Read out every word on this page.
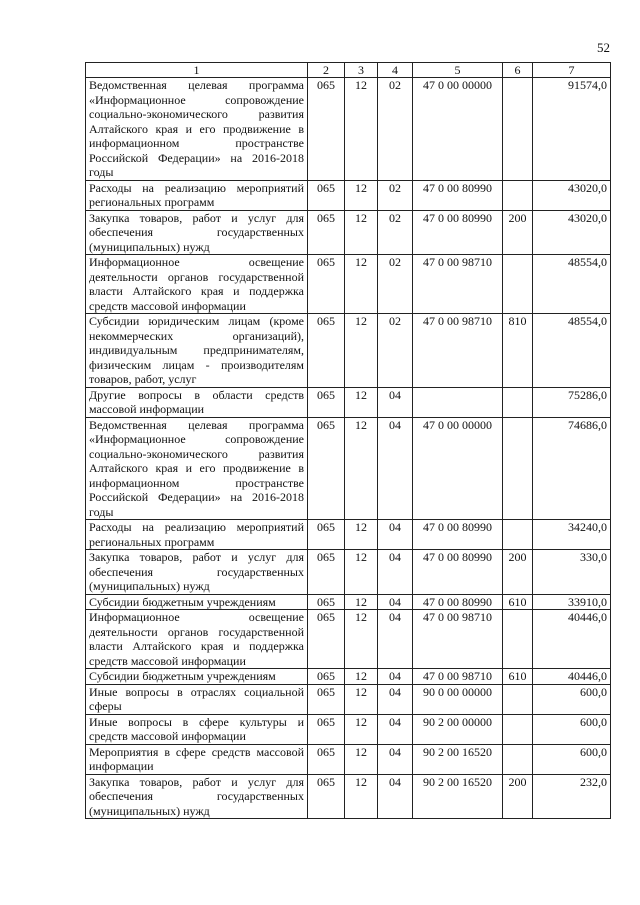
52
1	2	3	4	5	6	7
Ведомственная целевая программа «Информационное сопровождение социально-экономического развития Алтайского края и его продвижение в информационном пространстве Российской Федерации» на 2016-2018 годы	065	12	02	47 0 00 00000		91574,0
Расходы на реализацию мероприятий региональных программ	065	12	02	47 0 00 80990		43020,0
Закупка товаров, работ и услуг для обеспечения государственных (муниципальных) нужд	065	12	02	47 0 00 80990	200	43020,0
Информационное освещение деятельности органов государственной власти Алтайского края и поддержка средств массовой информации	065	12	02	47 0 00 98710		48554,0
Субсидии юридическим лицам (кроме некоммерческих организаций), индивидуальным предпринимателям, физическим лицам - производителям товаров, работ, услуг	065	12	02	47 0 00 98710	810	48554,0
Другие вопросы в области средств массовой информации	065	12	04			75286,0
Ведомственная целевая программа «Информационное сопровождение социально-экономического развития Алтайского края и его продвижение в информационном пространстве Российской Федерации» на 2016-2018 годы	065	12	04	47 0 00 00000		74686,0
Расходы на реализацию мероприятий региональных программ	065	12	04	47 0 00 80990		34240,0
Закупка товаров, работ и услуг для обеспечения государственных (муниципальных) нужд	065	12	04	47 0 00 80990	200	330,0
Субсидии бюджетным учреждениям	065	12	04	47 0 00 80990	610	33910,0
Информационное освещение деятельности органов государственной власти Алтайского края и поддержка средств массовой информации	065	12	04	47 0 00 98710		40446,0
Субсидии бюджетным учреждениям	065	12	04	47 0 00 98710	610	40446,0
Иные вопросы в отраслях социальной сферы	065	12	04	90 0 00 00000		600,0
Иные вопросы в сфере культуры и средств массовой информации	065	12	04	90 2 00 00000		600,0
Мероприятия в сфере средств массовой информации	065	12	04	90 2 00 16520		600,0
Закупка товаров, работ и услуг для обеспечения государственных (муниципальных) нужд	065	12	04	90 2 00 16520	200	232,0
